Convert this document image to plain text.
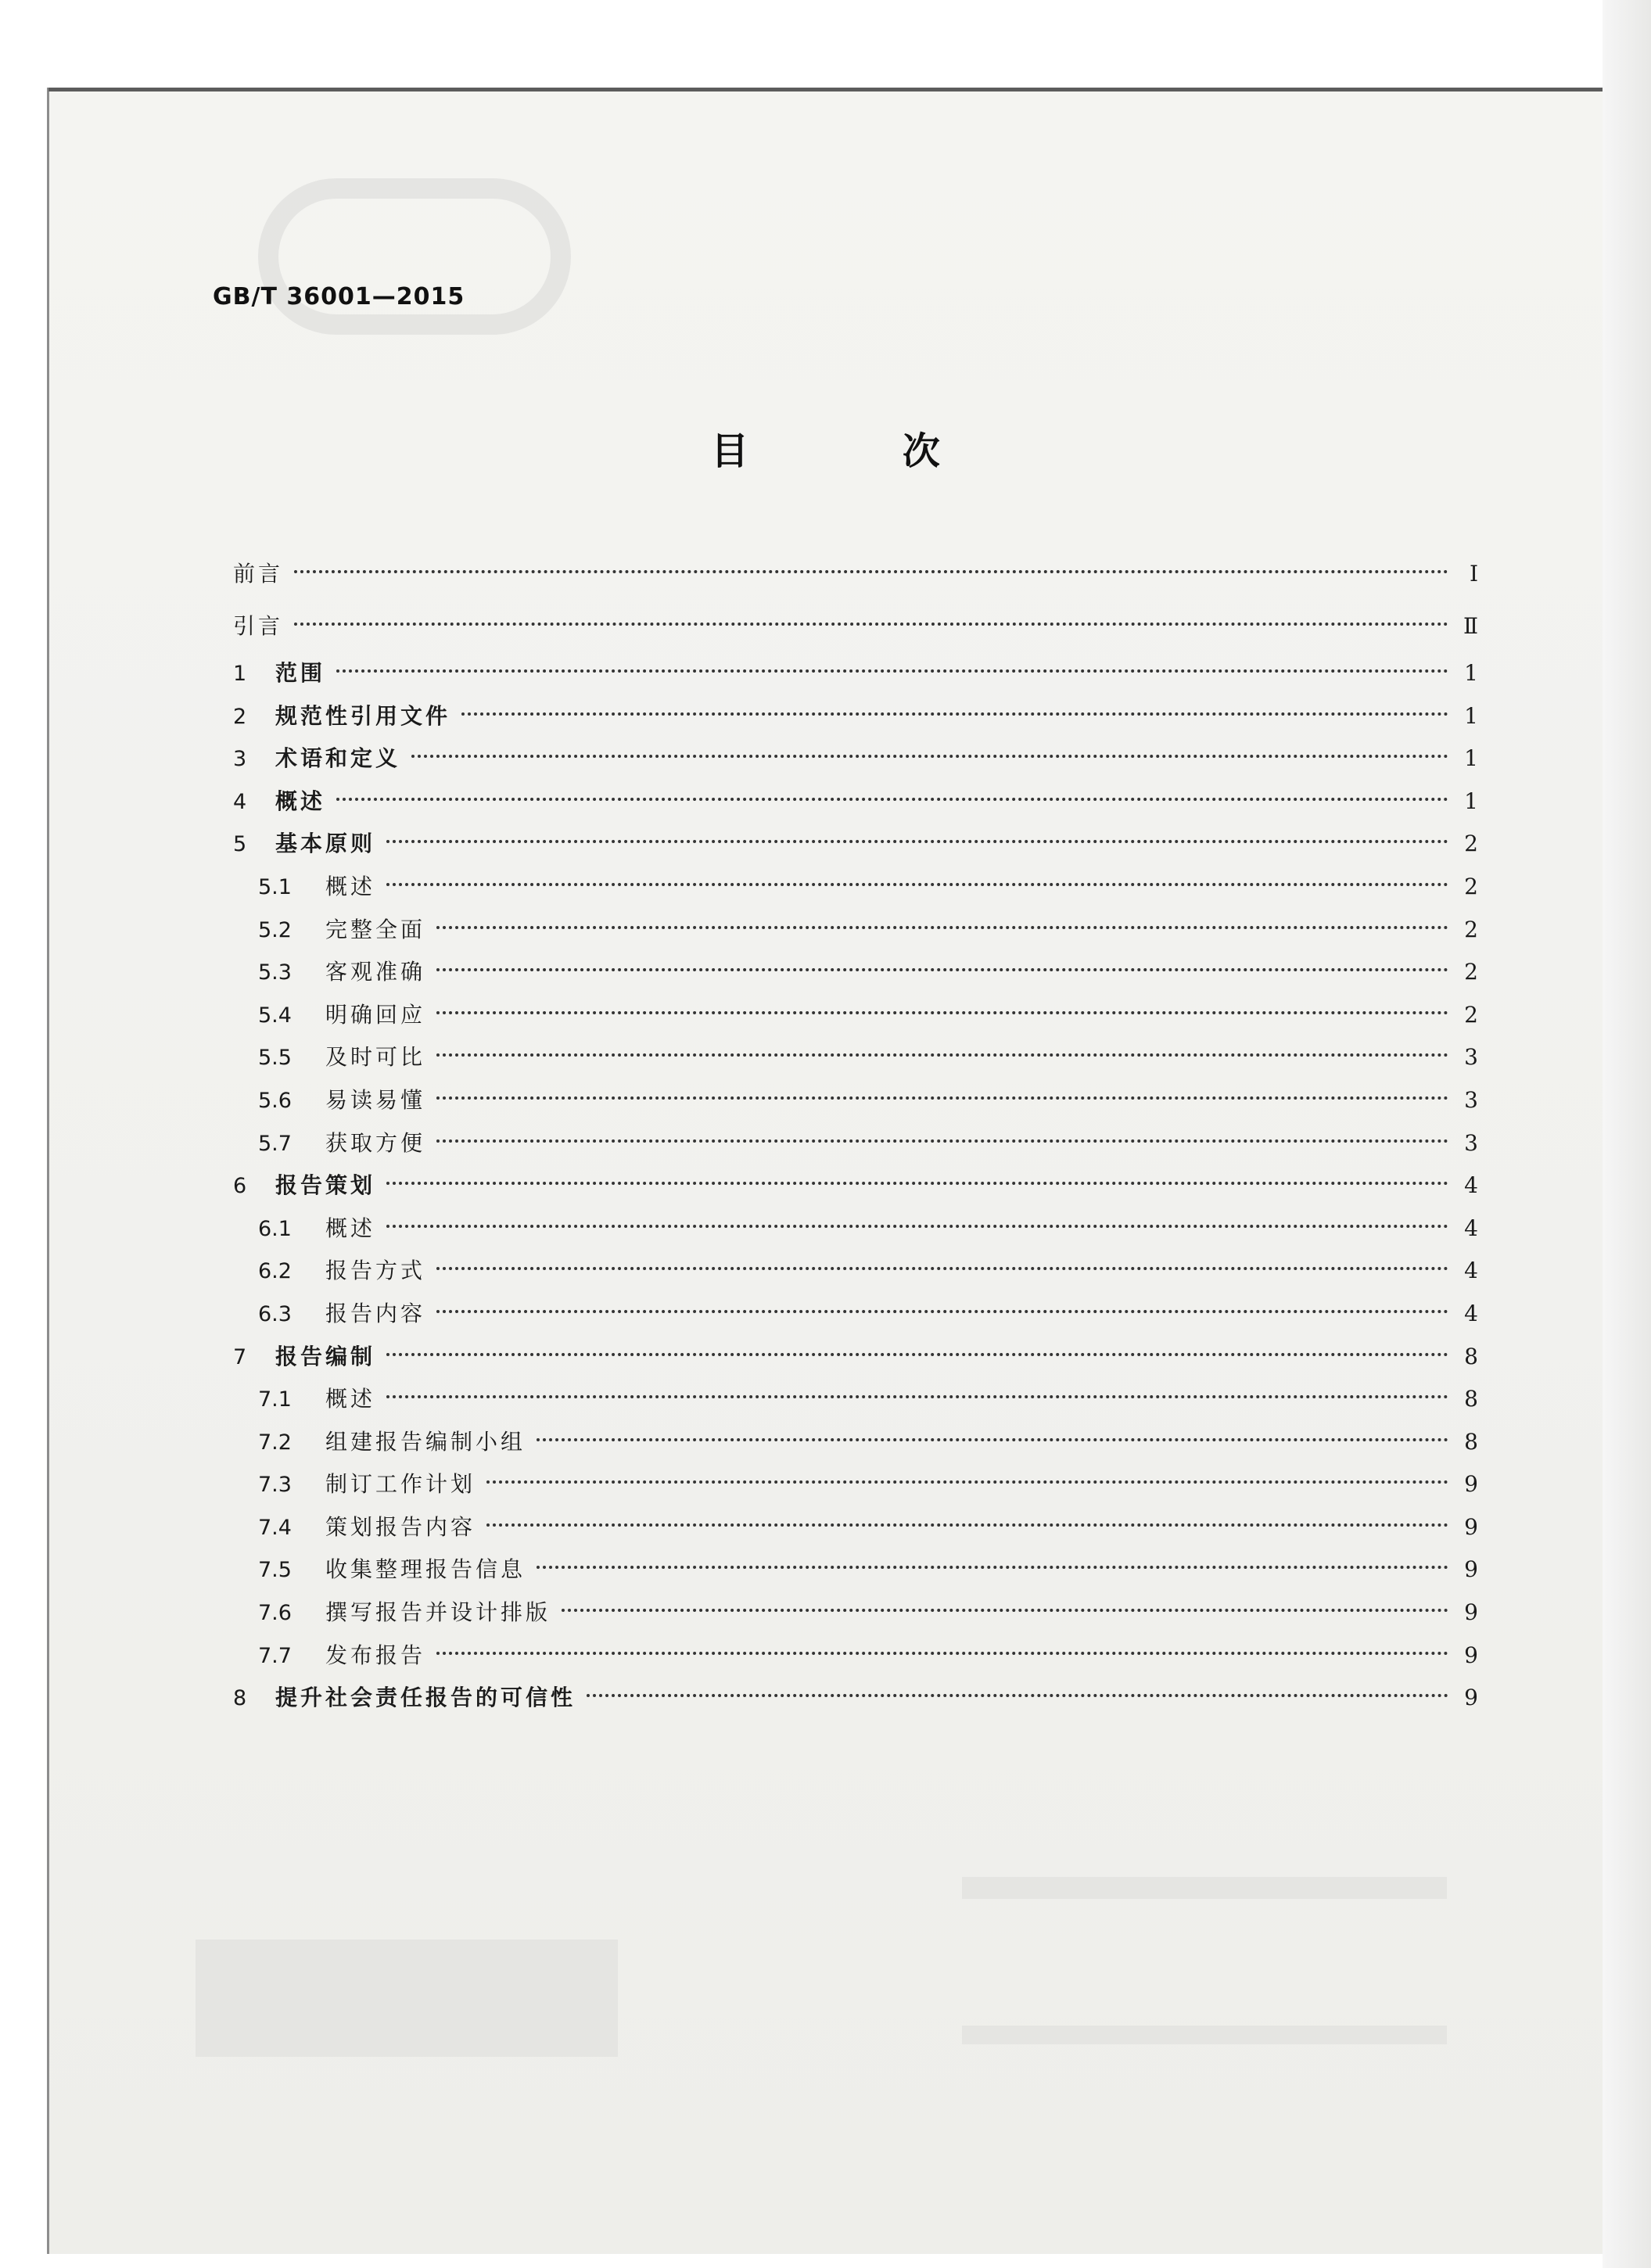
GB/T 36001—2015
目 次
前言	Ⅰ
引言	Ⅱ
1	范围	1
2	规范性引用文件	1
3	术语和定义	1
4	概述	1
5	基本原则	2
5.1	概述	2
5.2	完整全面	2
5.3	客观准确	2
5.4	明确回应	2
5.5	及时可比	3
5.6	易读易懂	3
5.7	获取方便	3
6	报告策划	4
6.1	概述	4
6.2	报告方式	4
6.3	报告内容	4
7	报告编制	8
7.1	概述	8
7.2	组建报告编制小组	8
7.3	制订工作计划	9
7.4	策划报告内容	9
7.5	收集整理报告信息	9
7.6	撰写报告并设计排版	9
7.7	发布报告	9
8	提升社会责任报告的可信性	9
